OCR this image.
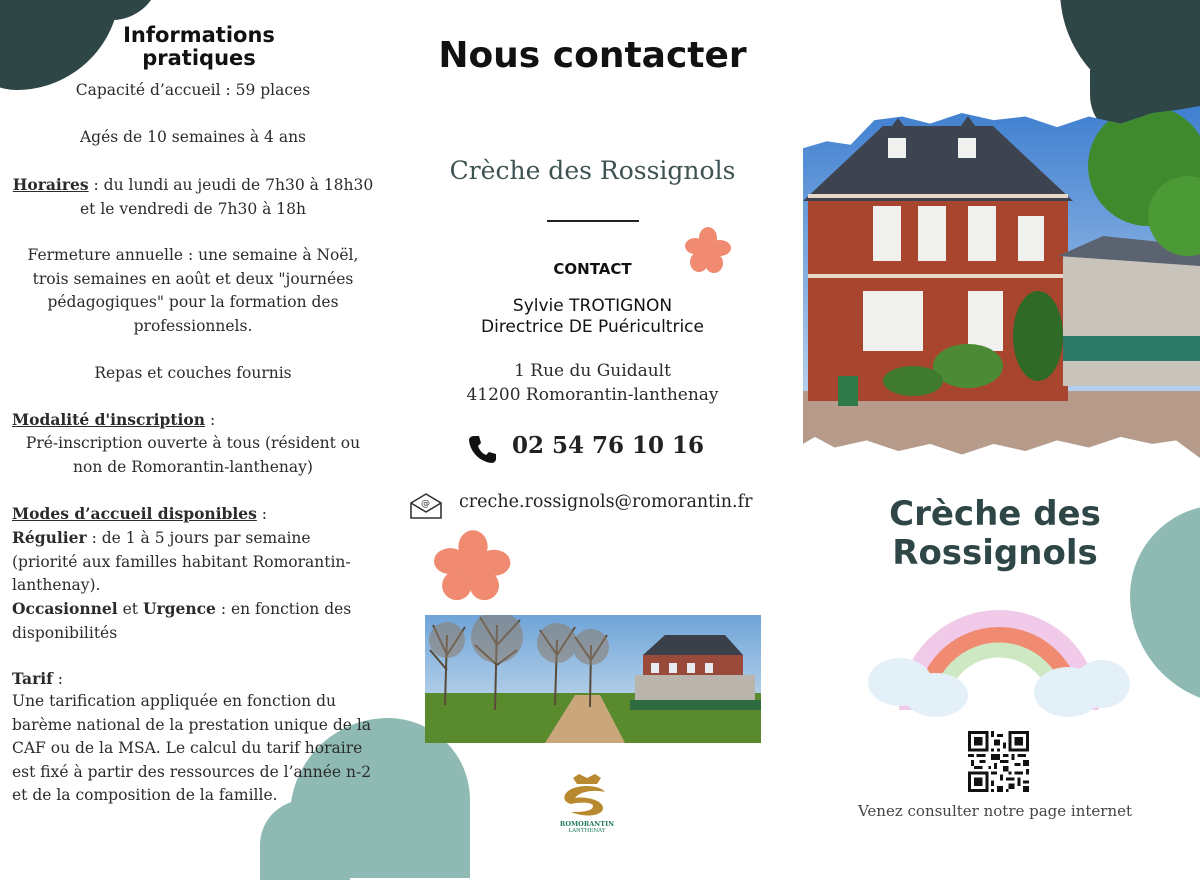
Informations pratiques
Capacité d’accueil : 59 places
Agés de 10 semaines à 4 ans
Horaires : du lundi au jeudi de 7h30 à 18h30
et le vendredi de 7h30 à 18h
Fermeture annuelle : une semaine à Noël, trois semaines en août et deux "journées pédagogiques" pour la formation des professionnels.
Repas et couches fournis
Modalité d'inscription :
Pré-inscription ouverte à tous (résident ou non de Romorantin-lanthenay)
Modes d’accueil disponibles :
Régulier : de 1 à 5 jours par semaine (priorité aux familles habitant Romorantin-lanthenay).
Occasionnel et Urgence : en fonction des disponibilités
Tarif :
Une tarification appliquée en fonction du barème national de la prestation unique de la CAF ou de la MSA. Le calcul du tarif horaire est fixé à partir des ressources de l’année n-2 et de la composition de la famille.
Nous contacter
Crèche des Rossignols
CONTACT
Sylvie TROTIGNON
Directrice DE Puéricultrice
1 Rue du Guidault
41200 Romorantin-lanthenay
02 54 76 10 16
@ creche.rossignols@romorantin.fr
ROMORANTIN
LANTHENAY
Crèche des Rossignols
Venez consulter notre page internet
